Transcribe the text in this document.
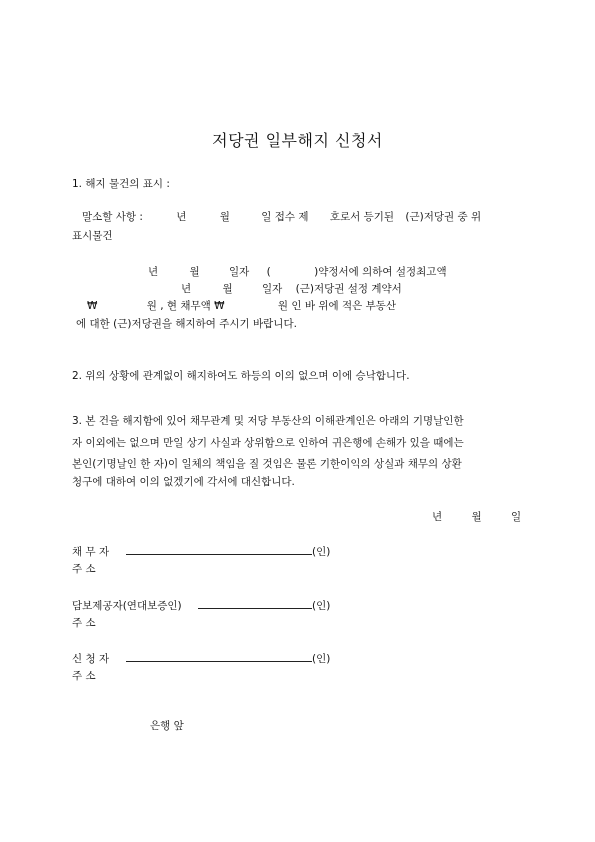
저당권 일부해지 신청서
1. 해지 물건의 표시 :
말소할 사항 :	년	월	일 접수 제 호로서 등기된 (근)저당권 중 위
표시물건
년	월	일자 (	)약정서에 의하여 설정최고액
년	월	일자 (근)저당권 설정 계약서
₩	원 , 현 채무액 ₩	원 인 바 위에 적은 부동산
에 대한 (근)저당권을 해지하여 주시기 바랍니다.
2. 위의 상황에 관계없이 해지하여도 하등의 이의 없으며 이에 승낙합니다.
3. 본 건을 해지함에 있어 채무관계 및 저당 부동산의 이해관계인은 아래의 기명날인한
자 이외에는 없으며 만일 상기 사실과 상위함으로 인하여 귀은행에 손해가 있을 때에는
본인(기명날인 한 자)이 일체의 책임을 질 것임은 물론 기한이익의 상실과 채무의 상환
청구에 대하여 이의 없겠기에 각서에 대신합니다.
년	월	일
채 무 자	(인)
주 소
담보제공자(연대보증인)	(인)
주 소
신 청 자	(인)
주 소
은행 앞
